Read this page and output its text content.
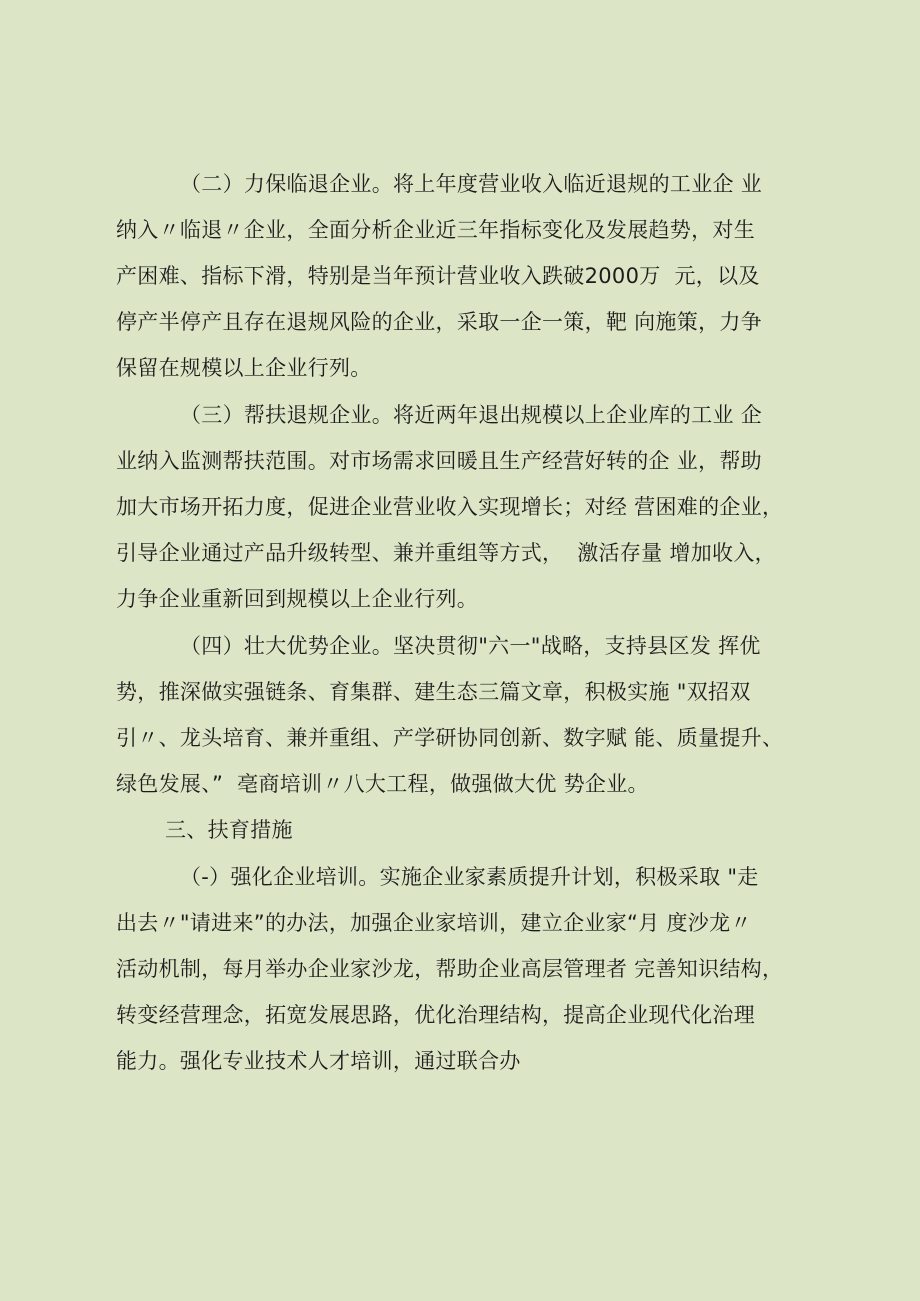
（二）力保临退企业。将上年度营业收入临近退规的工业企 业
纳入〃临退〃企业，全面分析企业近三年指标变化及发展趋势，对生
产困难、指标下滑，特别是当年预计营业收入跌破2000万  元，以及
停产半停产且存在退规风险的企业，采取一企一策，靶 向施策，力争
保留在规模以上企业行列。
（三）帮扶退规企业。将近两年退出规模以上企业库的工业 企
业纳入监测帮扶范围。对市场需求回暖且生产经营好转的企 业，帮助
加大市场开拓力度，促进企业营业收入实现增长；对经 营困难的企业，
引导企业通过产品升级转型、兼并重组等方式，  激活存量 增加收入，
力争企业重新回到规模以上企业行列。
（四）壮大优势企业。坚决贯彻"六一"战略，支持县区发 挥优
势，推深做实强链条、育集群、建生态三篇文章，积极实施 "双招双
引〃、龙头培育、兼并重组、产学研协同创新、数字赋 能、质量提升、
绿色发展、”  亳商培训〃八大工程，做强做大优 势企业。
三、扶育措施
（-）强化企业培训。实施企业家素质提升计划，积极采取 "走
出去〃"请进来”的办法，加强企业家培训，建立企业家“月 度沙龙〃
活动机制，每月举办企业家沙龙，帮助企业高层管理者 完善知识结构，
转变经营理念，拓宽发展思路，优化治理结构，提高企业现代化治理
能力。强化专业技术人才培训，通过联合办
